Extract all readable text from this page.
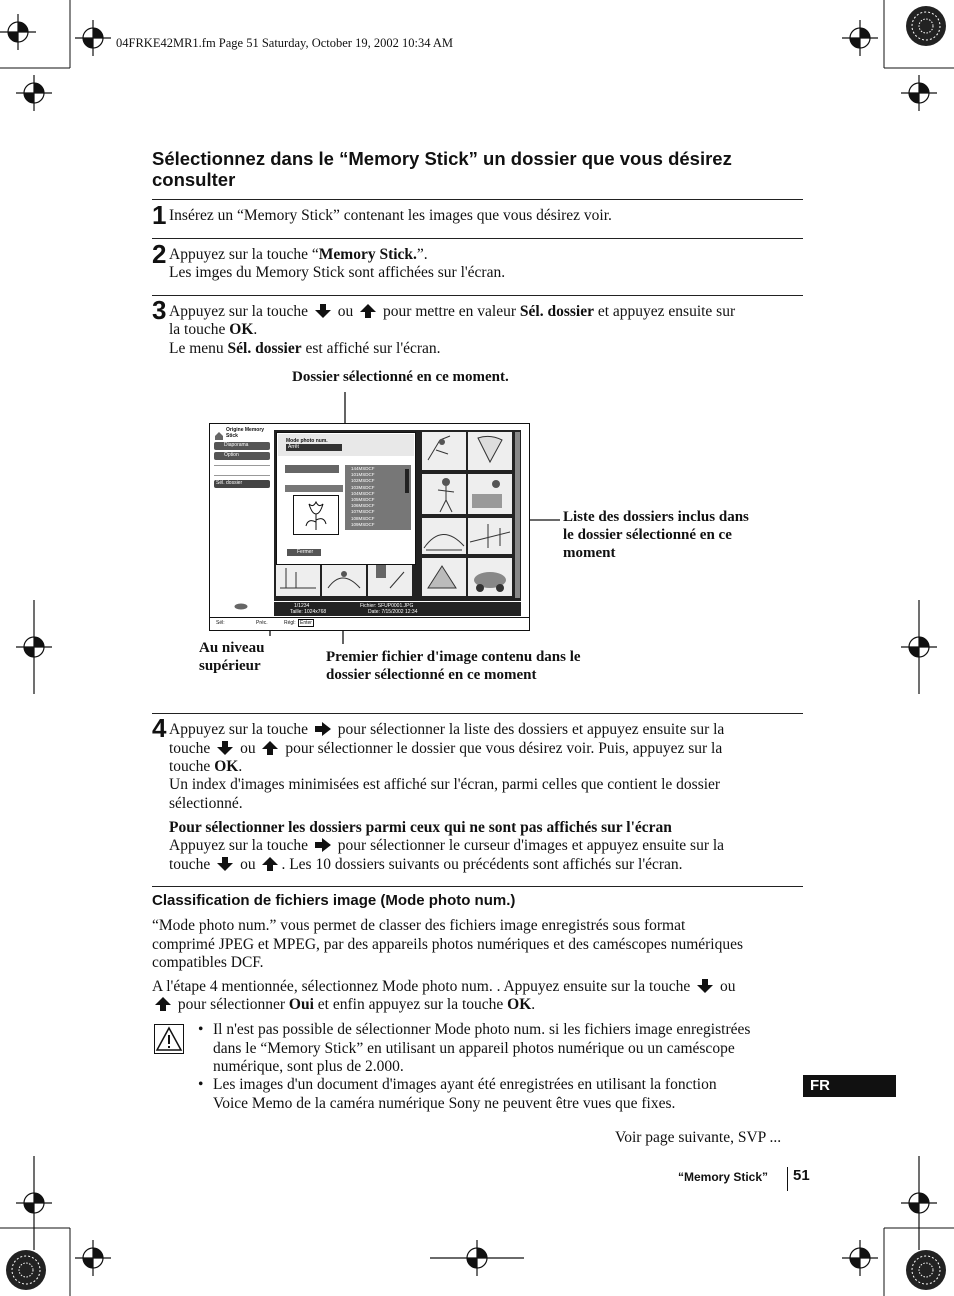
04FRKE42MR1.fm Page 51 Saturday, October 19, 2002 10:34 AM
Sélectionnez dans le “Memory Stick” un dossier que vous désirez consulter
1 Insérez un “Memory Stick” contenant les images que vous désirez voir.
2 Appuyez sur la touche “Memory Stick.”.
Les imges du Memory Stick sont affichées sur l'écran.
3 Appuyez sur la touche ou pour mettre en valeur Sél. dossier et appuyez ensuite sur
la touche OK.
Le menu Sél. dossier est affiché sur l'écran.
Dossier sélectionné en ce moment.
Liste des dossiers inclus dans
le dossier sélectionné en ce
moment
Au niveau
supérieur
Premier fichier d'image contenu dans le
dossier sélectionné en ce moment
Origine Memory
Stick
Diaporama
Option
Sél. dossier
Mode photo num.
Arrêt
144MSDCF
101MSDCF
102MSDCF
103MSDCF
104MSDCF
105MSDCF
106MSDCF
107MSDCF
108MSDCF
109MSDCF
Fermer
1/1234
Taille: 1024x768
Fichier: SFUP0001.JPG
Date: 7/15/2002 12:34
Sél:	Préc.	Régl: Enter
4 Appuyez sur la touche pour sélectionner la liste des dossiers et appuyez ensuite sur la
touche ou pour sélectionner le dossier que vous désirez voir. Puis, appuyez sur la
touche OK.
Un index d'images minimisées est affiché sur l'écran, parmi celles que contient le dossier
sélectionné.
Pour sélectionner les dossiers parmi ceux qui ne sont pas affichés sur l'écran
Appuyez sur la touche pour sélectionner le curseur d'images et appuyez ensuite sur la
touche ou . Les 10 dossiers suivants ou précédents sont affichés sur l'écran.
Classification de fichiers image (Mode photo num.)
“Mode photo num.” vous permet de classer des fichiers image enregistrés sous format
comprimé JPEG et MPEG, par des appareils photos numériques et des caméscopes numériques
compatibles DCF.
A l'étape 4 mentionnée, sélectionnez Mode photo num. . Appuyez ensuite sur la touche ou
pour sélectionner Oui et enfin appuyez sur la touche OK.
• Il n'est pas possible de sélectionner Mode photo num. si les fichiers image enregistrées
dans le “Memory Stick” en utilisant un appareil photos numérique ou un caméscope
numérique, sont plus de 2.000.
• Les images d'un document d'images ayant été enregistrées en utilisant la fonction
Voice Memo de la caméra numérique Sony ne peuvent être vues que fixes.
FR
Voir page suivante, SVP ...
“Memory Stick” 51
